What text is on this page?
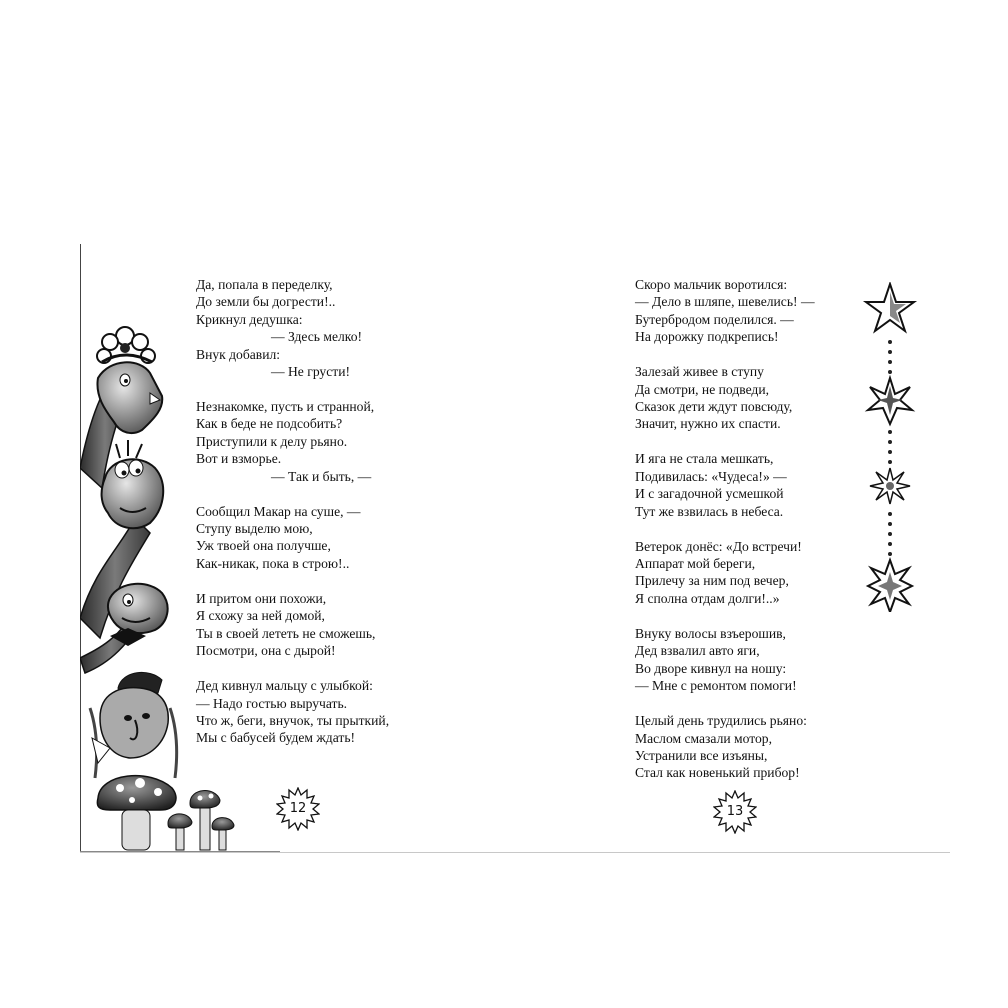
Да, попала в переделку,
До земли бы догрести!..
Крикнул дедушка:
— Здесь мелко!
Внук добавил:
— Не грусти!
Незнакомке, пусть и странной,
Как в беде не подсобить?
Приступили к делу рьяно.
Вот и взморье.
— Так и быть, —
Сообщил Макар на суше, —
Ступу выделю мою,
Уж твоей она получше,
Как-никак, пока в строю!..
И притом они похожи,
Я схожу за ней домой,
Ты в своей лететь не сможешь,
Посмотри, она с дырой!
Дед кивнул мальцу с улыбкой:
— Надо гостью выручать.
Что ж, беги, внучок, ты прыткий,
Мы с бабусей будем ждать!
Скоро мальчик воротился:
— Дело в шляпе, шевелись! —
Бутербродом поделился. —
На дорожку подкрепись!
Залезай живее в ступу
Да смотри, не подведи,
Сказок дети ждут повсюду,
Значит, нужно их спасти.
И яга не стала мешкать,
Подивилась: «Чудеса!» —
И с загадочной усмешкой
Тут же взвилась в небеса.
Ветерок донёс: «До встречи!
Аппарат мой береги,
Прилечу за ним под вечер,
Я сполна отдам долги!..»
Внуку волосы взъерошив,
Дед взвалил авто яги,
Во дворе кивнул на ношу:
— Мне с ремонтом помоги!
Целый день трудились рьяно:
Маслом смазали мотор,
Устранили все изъяны,
Стал как новенький прибор!
12	13
